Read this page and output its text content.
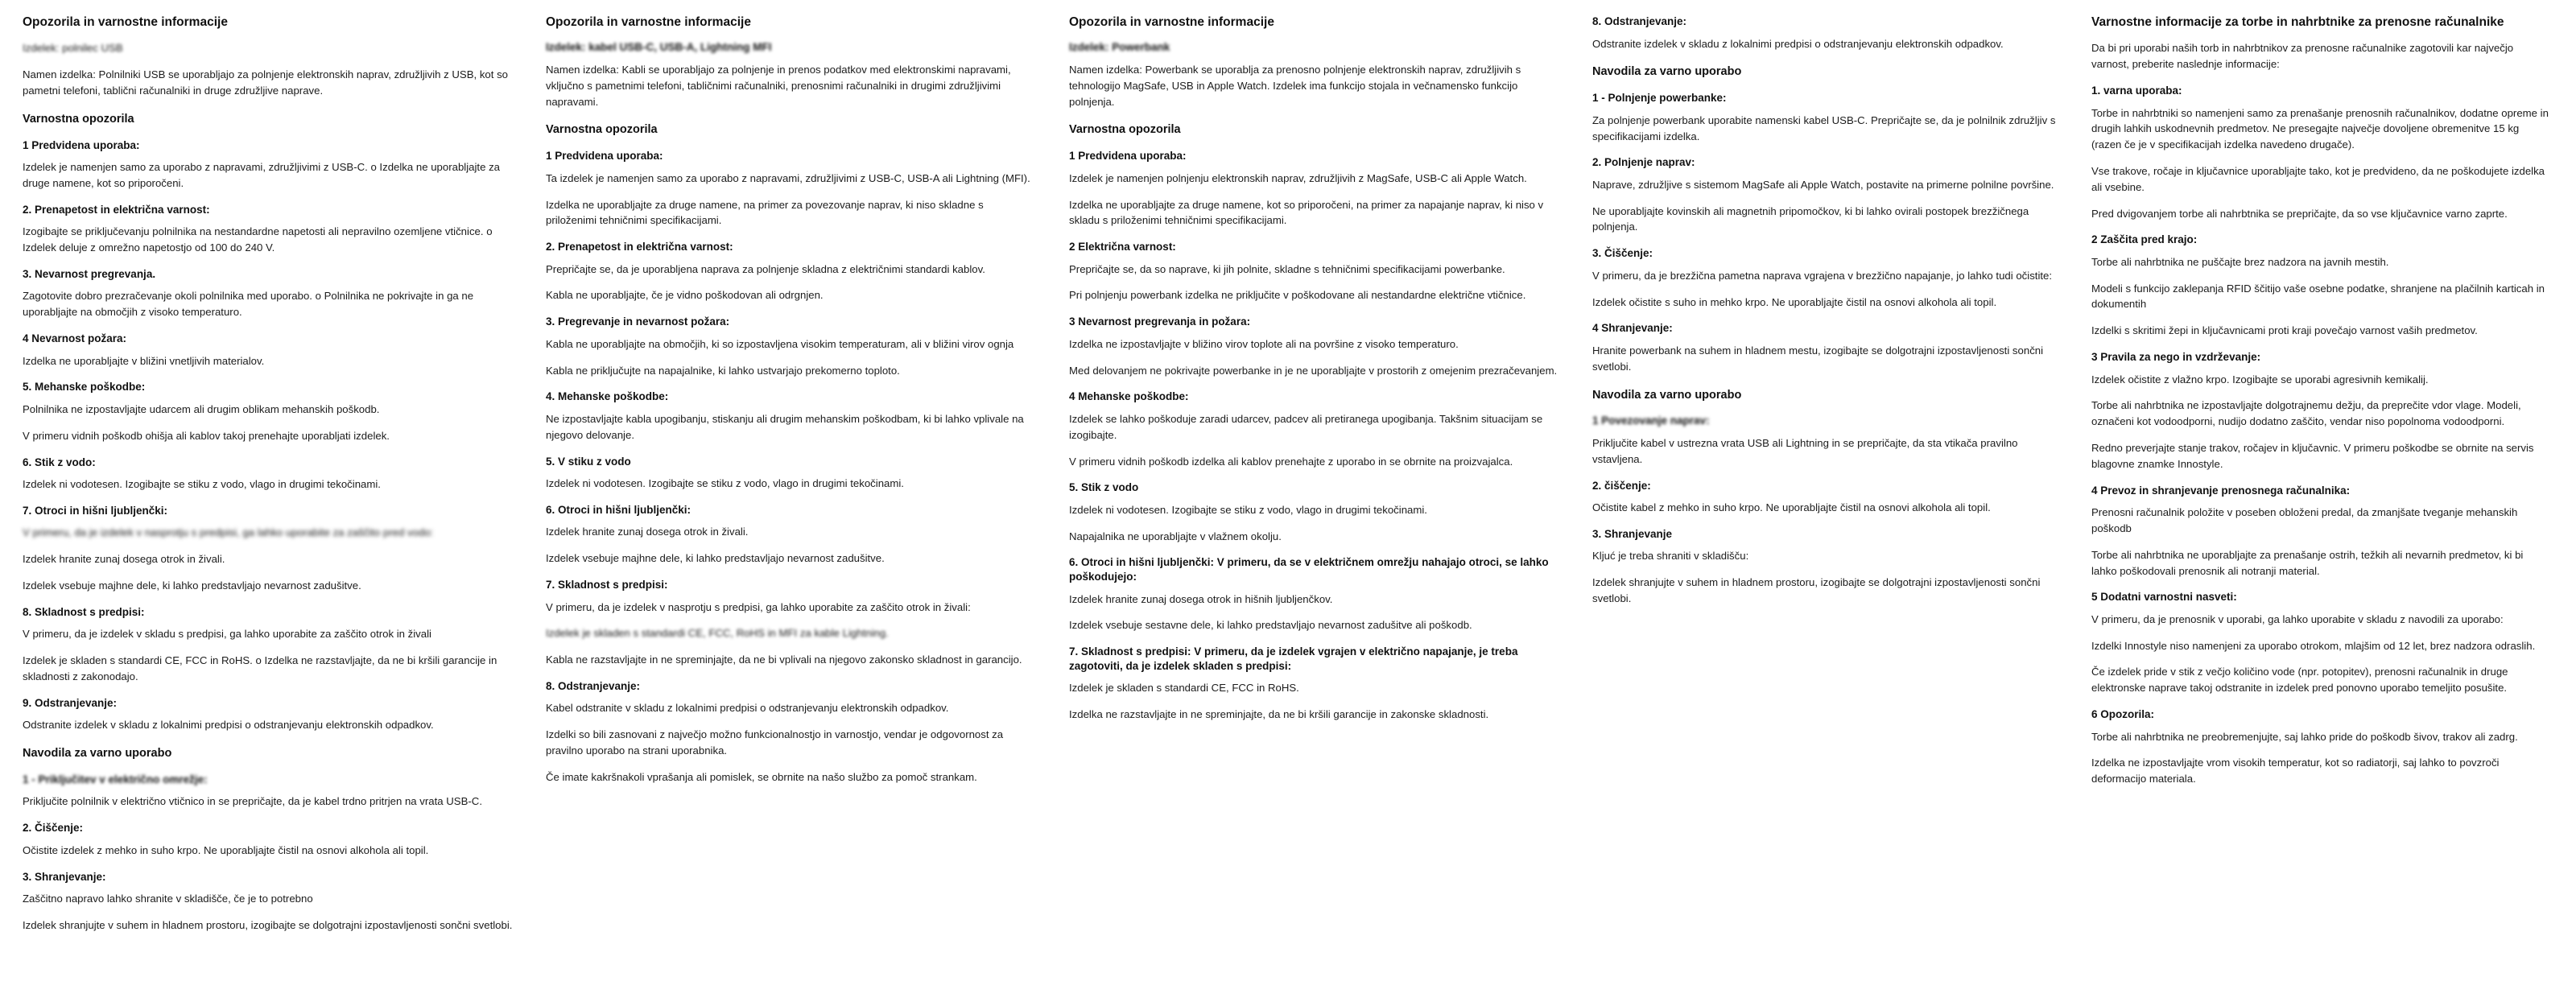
Opozorila in varnostne informacije

Izdelek: polnilec USB

Namen izdelka: Polnilniki USB se uporabljajo za polnjenje elektronskih naprav, združljivih z USB, kot so pametni telefoni, tablični računalniki in druge združljive naprave.

Varnostna opozorila
1 Predvidena uporaba:

Izdelek je namenjen samo za uporabo z napravami, združljivimi z USB-C. o Izdelka ne uporabljajte za druge namene, kot so priporočeni.

2. Prenapetost in električna varnost:

Izogibajte se priključevanju polnilnika na nestandardne napetosti ali nepravilno ozemljene vtičnice. o Izdelek deluje z omrežno napetostjo od 100 do 240 V.

3. Nevarnost pregrevanja.

Zagotovite dobro prezračevanje okoli polnilnika med uporabo. o Polnilnika ne pokrivajte in ga ne uporabljajte na območjih z visoko temperaturo.

4 Nevarnost požara:

Izdelka ne uporabljajte v bližini vnetljivih materialov.

5. Mehanske poškodbe:

Polnilnika ne izpostavljajte udarcem ali drugim oblikam mehanskih poškodb.

V primeru vidnih poškodb ohišja ali kablov takoj prenehajte uporabljati izdelek.

6. Stik z vodo:

Izdelek ni vodotesen. Izogibajte se stiku z vodo, vlago in drugimi tekočinami.

7. Otroci in hišni ljubljenčki:

V primeru, da je izdelek v nasprotju s predpisi, ga lahko uporabite za zaščito pred vodo:

Izdelek hranite zunaj dosega otrok in živali.

Izdelek vsebuje majhne dele, ki lahko predstavljajo nevarnost zadušitve.

8. Skladnost s predpisi:

V primeru, da je izdelek v skladu s predpisi, ga lahko uporabite za zaščito otrok in živali

Izdelek je skladen s standardi CE, FCC in RoHS. o Izdelka ne razstavljajte, da ne bi kršili garancije in skladnosti z zakonodajo.

9. Odstranjevanje:

Odstranite izdelek v skladu z lokalnimi predpisi o odstranjevanju elektronskih odpadkov.

Navodila za varno uporabo
1 - Priključitev v električno omrežje:

Priključite polnilnik v električno vtičnico in se prepričajte, da je kabel trdno pritrjen na vrata USB-C.

2. Čiščenje:

Očistite izdelek z mehko in suho krpo. Ne uporabljajte čistil na osnovi alkohola ali topil.

3. Shranjevanje:

Zaščitno napravo lahko shranite v skladišče, če je to potrebno

Izdelek shranjujte v suhem in hladnem prostoru, izogibajte se dolgotrajni izpostavljenosti sončni svetlobi.

Opozorila in varnostne informacije
Izdelek: kabel USB-C, USB-A, Lightning MFI

Namen izdelka: Kabli se uporabljajo za polnjenje in prenos podatkov med elektronskimi napravami, vključno s pametnimi telefoni, tabličnimi računalniki, prenosnimi računalniki in drugimi združljivimi napravami.

Varnostna opozorila
1 Predvidena uporaba:

Ta izdelek je namenjen samo za uporabo z napravami, združljivimi z USB-C, USB-A ali Lightning (MFI).

Izdelka ne uporabljajte za druge namene, na primer za povezovanje naprav, ki niso skladne s priloženimi tehničnimi specifikacijami.

2. Prenapetost in električna varnost:

Prepričajte se, da je uporabljena naprava za polnjenje skladna z električnimi standardi kablov.

Kabla ne uporabljajte, če je vidno poškodovan ali odrgnjen.

3. Pregrevanje in nevarnost požara:

Kabla ne uporabljajte na območjih, ki so izpostavljena visokim temperaturam, ali v bližini virov ognja

Kabla ne priključujte na napajalnike, ki lahko ustvarjajo prekomerno toploto.

4. Mehanske poškodbe:

Ne izpostavljajte kabla upogibanju, stiskanju ali drugim mehanskim poškodbam, ki bi lahko vplivale na njegovo delovanje.

5. V stiku z vodo

Izdelek ni vodotesen. Izogibajte se stiku z vodo, vlago in drugimi tekočinami.

6. Otroci in hišni ljubljenčki:

Izdelek hranite zunaj dosega otrok in živali.

Izdelek vsebuje majhne dele, ki lahko predstavljajo nevarnost zadušitve.

7. Skladnost s predpisi:

V primeru, da je izdelek v nasprotju s predpisi, ga lahko uporabite za zaščito otrok in živali:

Izdelek je skladen s standardi CE, FCC, RoHS in MFI za kable Lightning.

Kabla ne razstavljajte in ne spreminjajte, da ne bi vplivali na njegovo zakonsko skladnost in garancijo.

8. Odstranjevanje:

Kabel odstranite v skladu z lokalnimi predpisi o odstranjevanju elektronskih odpadkov.

Izdelki so bili zasnovani z največjo možno funkcionalnostjo in varnostjo, vendar je odgovornost za pravilno uporabo na strani uporabnika.

Če imate kakršnakoli vprašanja ali pomislek, se obrnite na našo službo za pomoč strankam.

Opozorila in varnostne informacije
Izdelek: Powerbank

Namen izdelka: Powerbank se uporablja za prenosno polnjenje elektronskih naprav, združljivih s tehnologijo MagSafe, USB in Apple Watch. Izdelek ima funkcijo stojala in večnamensko funkcijo polnjenja.

Varnostna opozorila
1 Predvidena uporaba:

Izdelek je namenjen polnjenju elektronskih naprav, združljivih z MagSafe, USB-C ali Apple Watch.

Izdelka ne uporabljajte za druge namene, kot so priporočeni, na primer za napajanje naprav, ki niso v skladu s priloženimi tehničnimi specifikacijami.

2 Električna varnost:

Prepričajte se, da so naprave, ki jih polnite, skladne s tehničnimi specifikacijami powerbanke.

Pri polnjenju powerbank izdelka ne priključite v poškodovane ali nestandardne električne vtičnice.

3 Nevarnost pregrevanja in požara:

Izdelka ne izpostavljajte v bližino virov toplote ali na površine z visoko temperaturo.

Med delovanjem ne pokrivajte powerbanke in je ne uporabljajte v prostorih z omejenim prezračevanjem.

4 Mehanske poškodbe:

Izdelek se lahko poškoduje zaradi udarcev, padcev ali pretiranega upogibanja. Takšnim situacijam se izogibajte.

V primeru vidnih poškodb izdelka ali kablov prenehajte z uporabo in se obrnite na proizvajalca.

5. Stik z vodo

Izdelek ni vodotesen. Izogibajte se stiku z vodo, vlago in drugimi tekočinami.

Napajalnika ne uporabljajte v vlažnem okolju.

6. Otroci in hišni ljubljenčki: V primeru, da se v električnem omrežju nahajajo otroci, se lahko poškodujejo:

Izdelek hranite zunaj dosega otrok in hišnih ljubljenčkov.

Izdelek vsebuje sestavne dele, ki lahko predstavljajo nevarnost zadušitve ali poškodb.

7. Skladnost s predpisi: V primeru, da je izdelek vgrajen v električno napajanje, je treba zagotoviti, da je izdelek skladen s predpisi:

Izdelek je skladen s standardi CE, FCC in RoHS.

Izdelka ne razstavljajte in ne spreminjajte, da ne bi kršili garancije in zakonske skladnosti.

8. Odstranjevanje:

Odstranite izdelek v skladu z lokalnimi predpisi o odstranjevanju elektronskih odpadkov.

Navodila za varno uporabo
1 - Polnjenje powerbanke:

Za polnjenje powerbank uporabite namenski kabel USB-C. Prepričajte se, da je polnilnik združljiv s specifikacijami izdelka.

2. Polnjenje naprav:

Naprave, združljive s sistemom MagSafe ali Apple Watch, postavite na primerne polnilne površine.

Ne uporabljajte kovinskih ali magnetnih pripomočkov, ki bi lahko ovirali postopek brezžičnega polnjenja.

3. Čiščenje:

V primeru, da je brezžična pametna naprava vgrajena v brezžično napajanje, jo lahko tudi očistite:

Izdelek očistite s suho in mehko krpo. Ne uporabljajte čistil na osnovi alkohola ali topil.

4 Shranjevanje:

Hranite powerbank na suhem in hladnem mestu, izogibajte se dolgotrajni izpostavljenosti sončni svetlobi.

Navodila za varno uporabo
1 Povezovanje naprav:

Priključite kabel v ustrezna vrata USB ali Lightning in se prepričajte, da sta vtikača pravilno vstavljena.

2. čiščenje:

Očistite kabel z mehko in suho krpo. Ne uporabljajte čistil na osnovi alkohola ali topil.

3. Shranjevanje

Kljuć je treba shraniti v skladišču:

Izdelek shranjujte v suhem in hladnem prostoru, izogibajte se dolgotrajni izpostavljenosti sončni svetlobi.

Varnostne informacije za torbe in nahrbtnike za prenosne računalnike

Da bi pri uporabi naših torb in nahrbtnikov za prenosne računalnike zagotovili kar največjo varnost, preberite naslednje informacije:

1. varna uporaba:

Torbe in nahrbtniki so namenjeni samo za prenašanje prenosnih računalnikov, dodatne opreme in drugih lahkih uskodnevnih predmetov. Ne presegajte največje dovoljene obremenitve 15 kg (razen če je v specifikacijah izdelka navedeno drugače).

Vse trakove, ročaje in ključavnice uporabljajte tako, kot je predvideno, da ne poškodujete izdelka ali vsebine.

Pred dvigovanjem torbe ali nahrbtnika se prepričajte, da so vse ključavnice varno zaprte.

2 Zaščita pred krajo:

Torbe ali nahrbtnika ne puščajte brez nadzora na javnih mestih.

Modeli s funkcijo zaklepanja RFID ščitijo vaše osebne podatke, shranjene na plačilnih karticah in dokumentih

Izdelki s skritimi žepi in ključavnicami proti kraji povečajo varnost vaših predmetov.

3 Pravila za nego in vzdrževanje:

Izdelek očistite z vlažno krpo. Izogibajte se uporabi agresivnih kemikalij.

Torbe ali nahrbtnika ne izpostavljajte dolgotrajnemu dežju, da preprečite vdor vlage. Modeli, označeni kot vodoodporni, nudijo dodatno zaščito, vendar niso popolnoma vodoodporni.

Redno preverjajte stanje trakov, ročajev in ključavnic. V primeru poškodbe se obrnite na servis blagovne znamke Innostyle.

4 Prevoz in shranjevanje prenosnega računalnika:

Prenosni računalnik položite v poseben obloženi predal, da zmanjšate tveganje mehanskih poškodb

Torbe ali nahrbtnika ne uporabljajte za prenašanje ostrih, težkih ali nevarnih predmetov, ki bi lahko poškodovali prenosnik ali notranji material.

5 Dodatni varnostni nasveti:

V primeru, da je prenosnik v uporabi, ga lahko uporabite v skladu z navodili za uporabo:

Izdelki Innostyle niso namenjeni za uporabo otrokom, mlajšim od 12 let, brez nadzora odraslih.

Če izdelek pride v stik z večjo količino vode (npr. potopitev), prenosni računalnik in druge elektronske naprave takoj odstranite in izdelek pred ponovno uporabo temeljito posušite.

6 Opozorila:

Torbe ali nahrbtnika ne preobremenjujte, saj lahko pride do poškodb šivov, trakov ali zadrg.

Izdelka ne izpostavljajte vrom visokih temperatur, kot so radiatorji, saj lahko to povzroči deformacijo materiala.
